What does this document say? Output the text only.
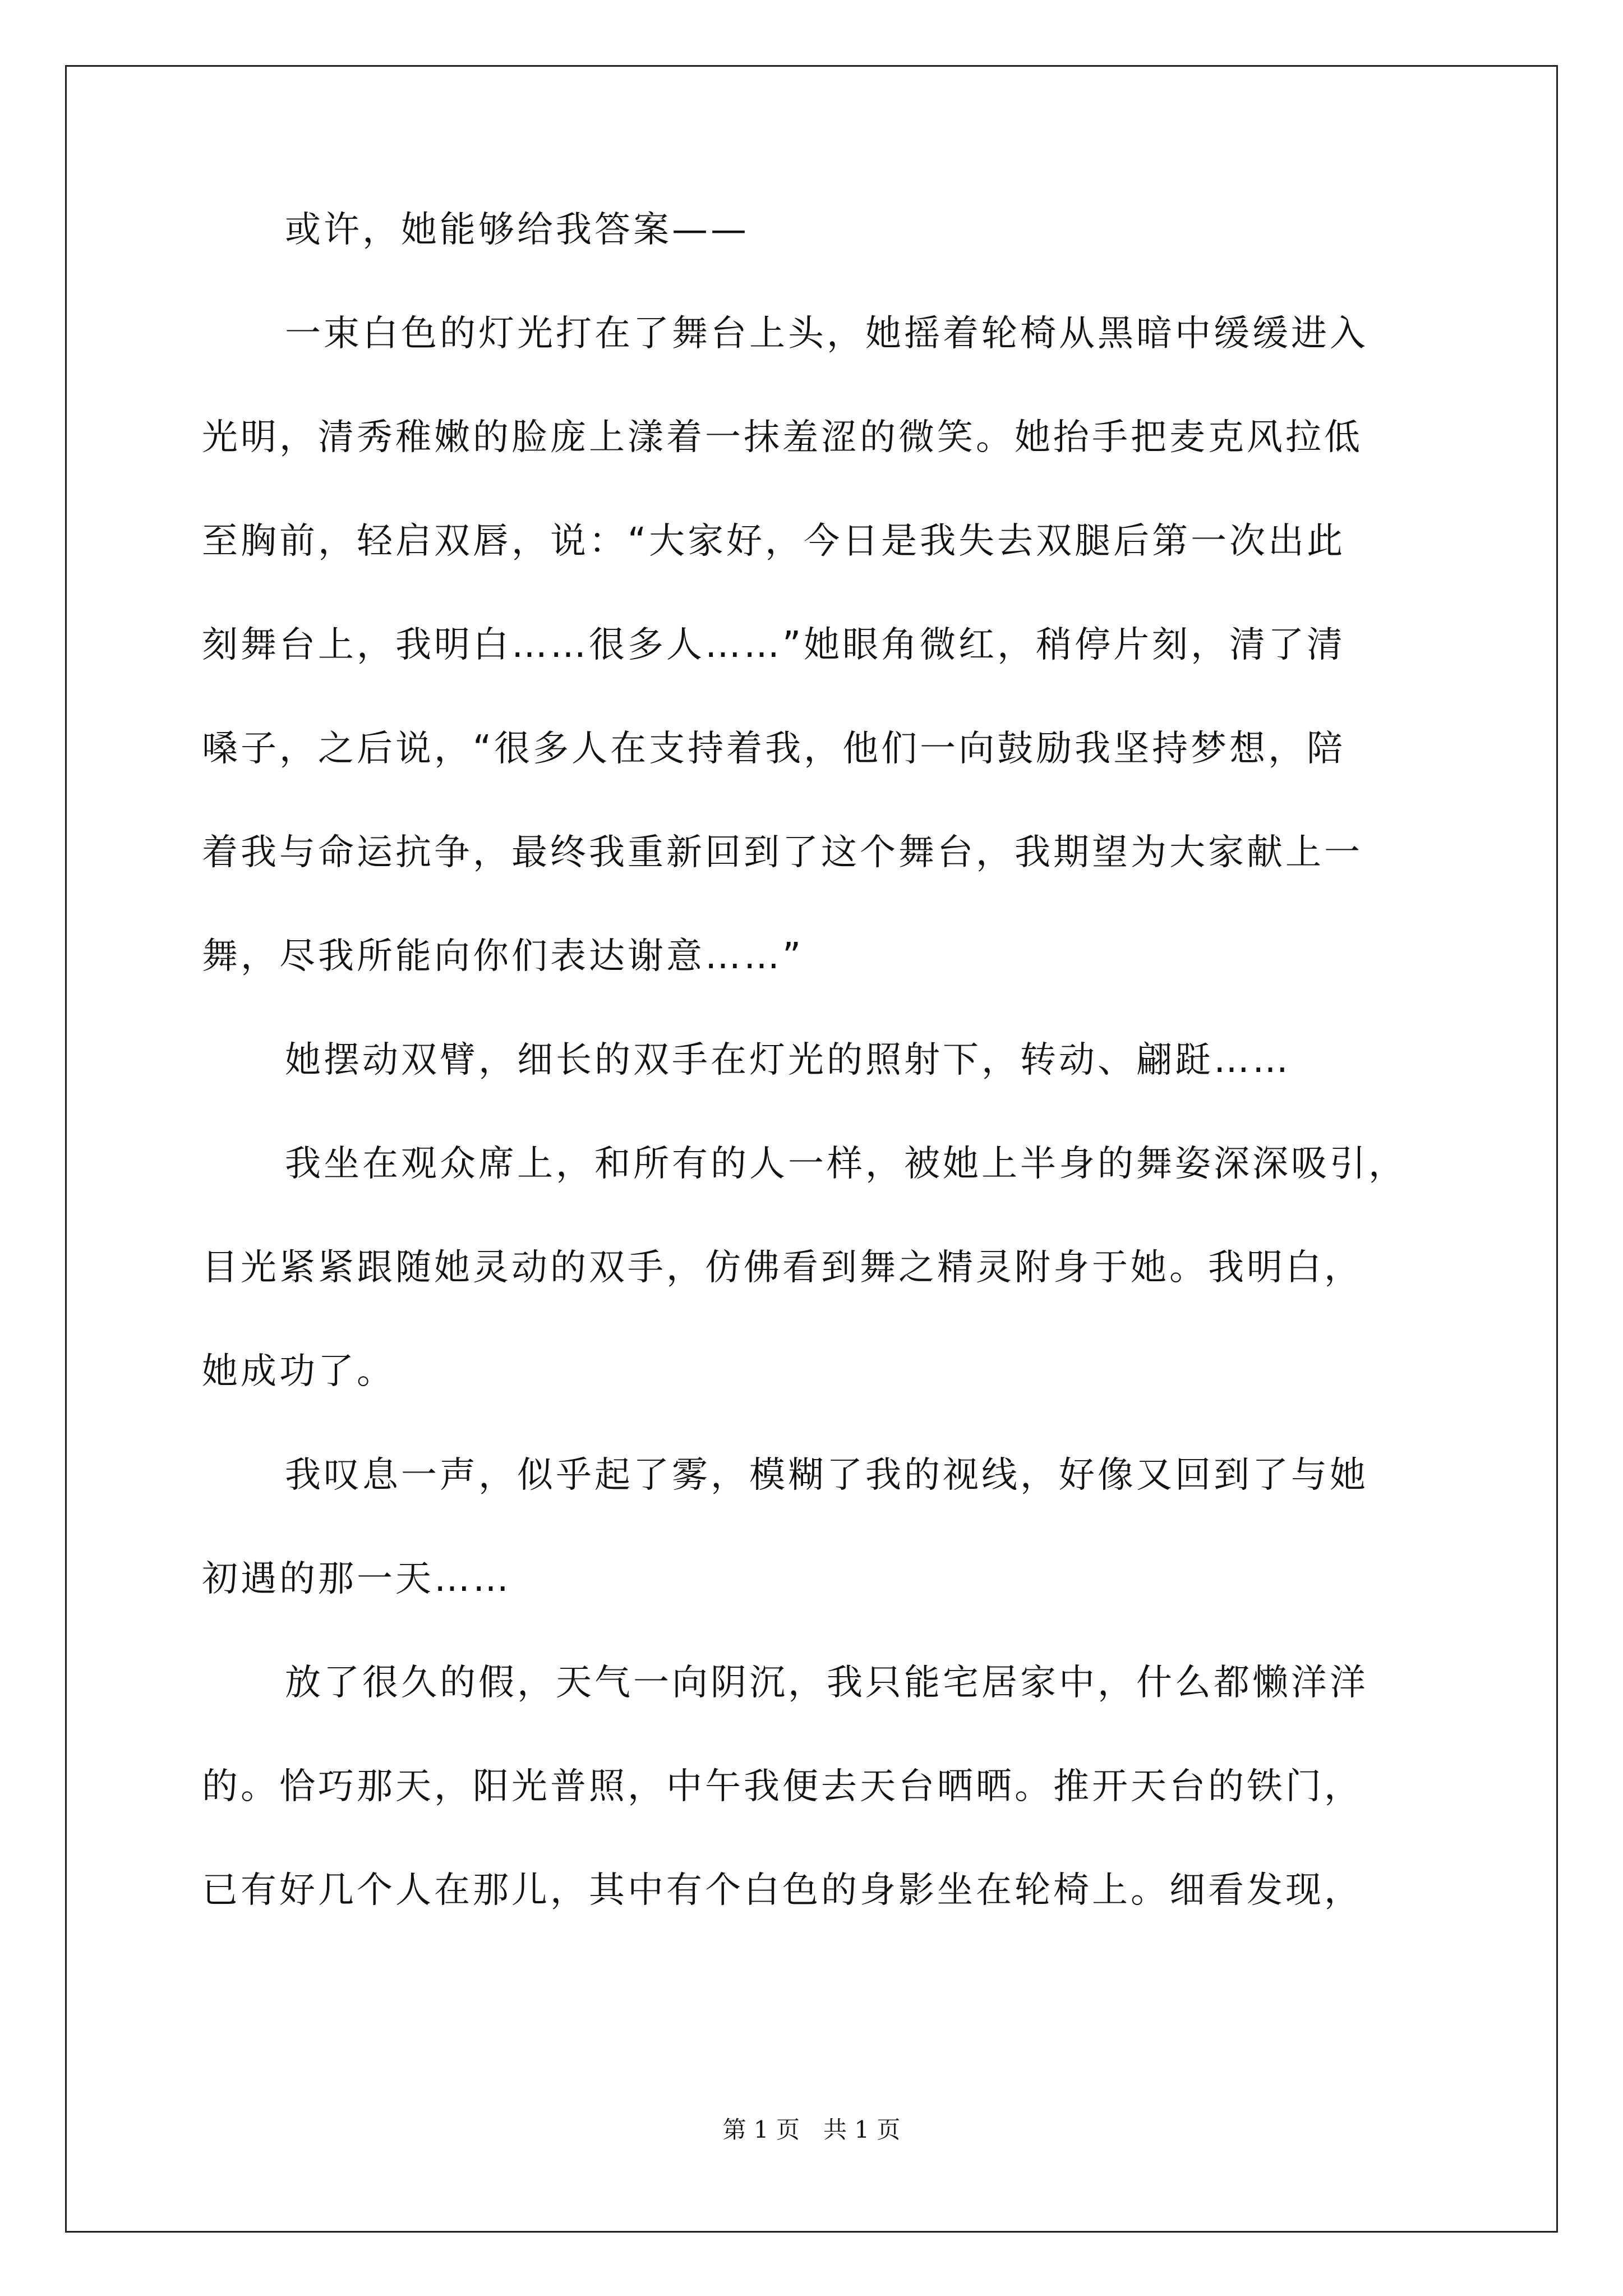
或许，她能够给我答案——
一束白色的灯光打在了舞台上头，她摇着轮椅从黑暗中缓缓进入
光明，清秀稚嫩的脸庞上漾着一抹羞涩的微笑。她抬手把麦克风拉低
至胸前，轻启双唇，说：“大家好，今日是我失去双腿后第一次出此
刻舞台上，我明白……很多人……”她眼角微红，稍停片刻，清了清
嗓子，之后说，“很多人在支持着我，他们一向鼓励我坚持梦想，陪
着我与命运抗争，最终我重新回到了这个舞台，我期望为大家献上一
舞，尽我所能向你们表达谢意……”
她摆动双臂，细长的双手在灯光的照射下，转动、翩跹……
我坐在观众席上，和所有的人一样，被她上半身的舞姿深深吸引，
目光紧紧跟随她灵动的双手，仿佛看到舞之精灵附身于她。我明白，
她成功了。
我叹息一声，似乎起了雾，模糊了我的视线，好像又回到了与她
初遇的那一天……
放了很久的假，天气一向阴沉，我只能宅居家中，什么都懒洋洋
的。恰巧那天，阳光普照，中午我便去天台晒晒。推开天台的铁门，
已有好几个人在那儿，其中有个白色的身影坐在轮椅上。细看发现，
第 1 页　共 1 页
